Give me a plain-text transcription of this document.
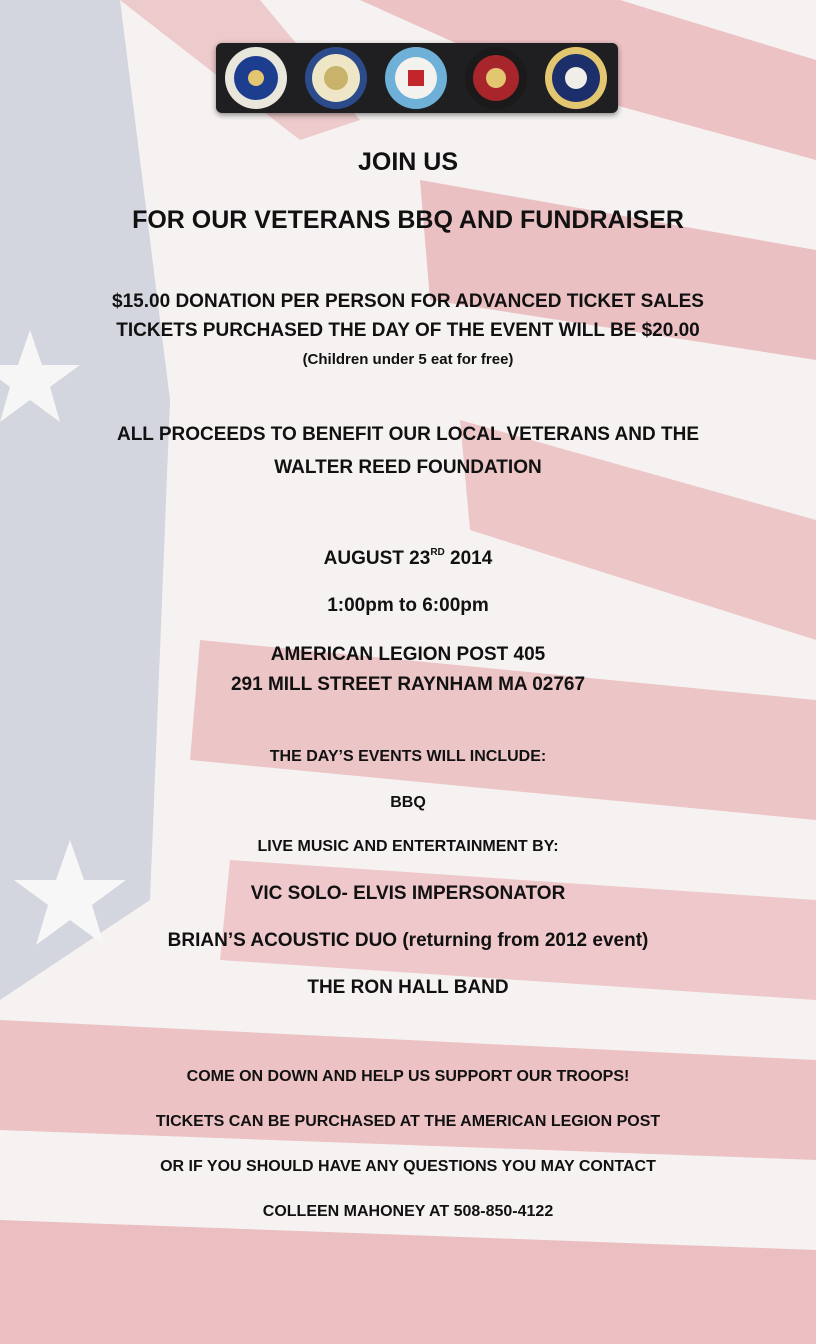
JOIN US
FOR OUR VETERANS BBQ AND FUNDRAISER
$15.00 DONATION PER PERSON FOR ADVANCED TICKET SALES
TICKETS PURCHASED THE DAY OF THE EVENT WILL BE $20.00
(Children under 5 eat for free)
ALL PROCEEDS TO BENEFIT OUR LOCAL VETERANS AND THE
WALTER REED FOUNDATION
AUGUST 23RD 2014
1:00pm to 6:00pm
AMERICAN LEGION POST 405
291 MILL STREET RAYNHAM MA 02767
THE DAY’S EVENTS WILL INCLUDE:
BBQ
LIVE MUSIC AND ENTERTAINMENT BY:
VIC SOLO- ELVIS IMPERSONATOR
BRIAN’S ACOUSTIC DUO (returning from 2012 event)
THE RON HALL BAND
COME ON DOWN AND HELP US SUPPORT OUR TROOPS!
TICKETS CAN BE PURCHASED AT THE AMERICAN LEGION POST
OR IF YOU SHOULD HAVE ANY QUESTIONS YOU MAY CONTACT
COLLEEN MAHONEY AT 508-850-4122
